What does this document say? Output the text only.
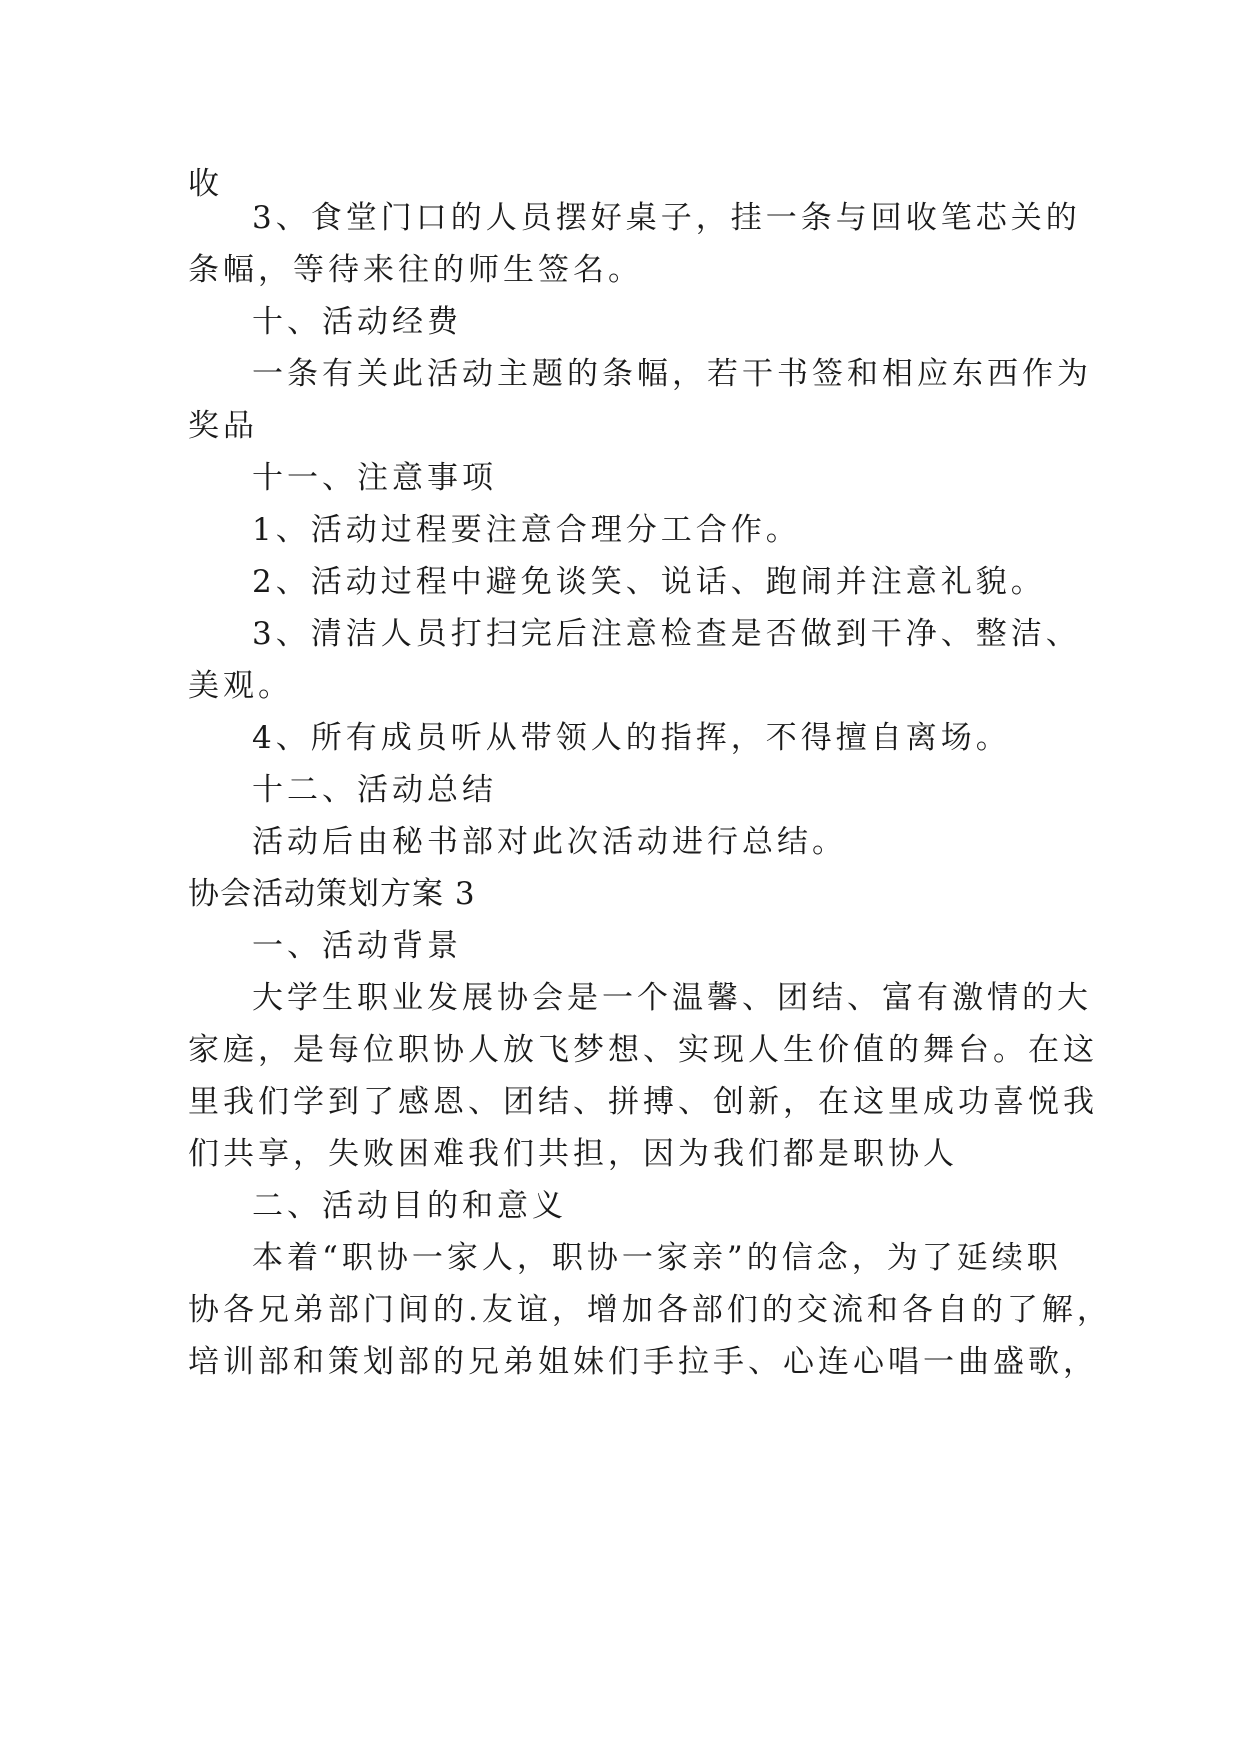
收
3、食堂门口的人员摆好桌子，挂一条与回收笔芯关的
条幅，等待来往的师生签名。
十、活动经费
一条有关此活动主题的条幅，若干书签和相应东西作为
奖品
十一、注意事项
1、活动过程要注意合理分工合作。
2、活动过程中避免谈笑、说话、跑闹并注意礼貌。
3、清洁人员打扫完后注意检查是否做到干净、整洁、
美观。
4、所有成员听从带领人的指挥，不得擅自离场。
十二、活动总结
活动后由秘书部对此次活动进行总结。
协会活动策划方案 3
一、活动背景
大学生职业发展协会是一个温馨、团结、富有激情的大
家庭，是每位职协人放飞梦想、实现人生价值的舞台。在这
里我们学到了感恩、团结、拼搏、创新，在这里成功喜悦我
们共享，失败困难我们共担，因为我们都是职协人
二、活动目的和意义
本着“职协一家人，职协一家亲”的信念，为了延续职
协各兄弟部门间的.友谊，增加各部们的交流和各自的了解，
培训部和策划部的兄弟姐妹们手拉手、心连心唱一曲盛歌，
